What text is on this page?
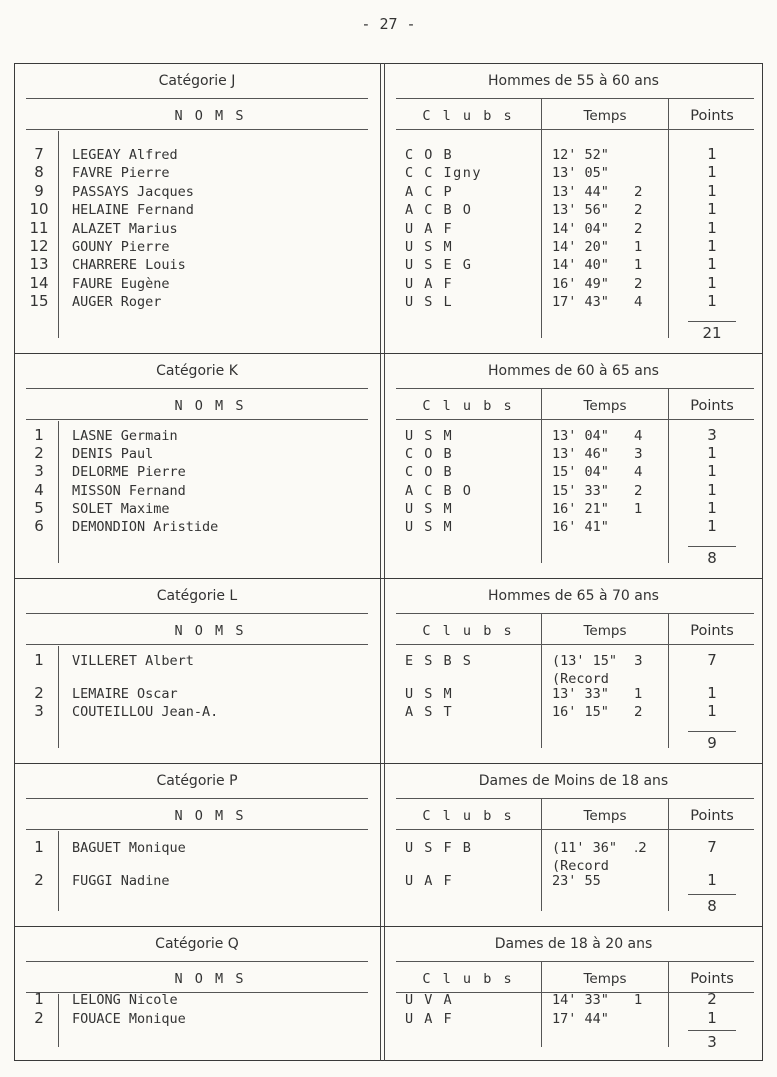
- 27 -
Catégorie J	Hommes de 55 à 60 ans
N O M S	C l u b s	Temps	Points
7	LEGEAY Alfred	C O B	12' 52"	1
8	FAVRE Pierre	C C Igny	13' 05"	1
9	PASSAYS Jacques	A C P	13' 44" 2	1
10	HELAINE Fernand	A C B O	13' 56" 2	1
11	ALAZET Marius	U A F	14' 04" 2	1
12	GOUNY Pierre	U S M	14' 20" 1	1
13	CHARRERE Louis	U S E G	14' 40" 1	1
14	FAURE Eugène	U A F	16' 49" 2	1
15	AUGER Roger	U S L	17' 43" 4	1
21
Catégorie K	Hommes de 60 à 65 ans
N O M S	C l u b s	Temps	Points
1	LASNE Germain	U S M	13' 04" 4	3
2	DENIS Paul	C O B	13' 46" 3	1
3	DELORME Pierre	C O B	15' 04" 4	1
4	MISSON Fernand	A C B O	15' 33" 2	1
5	SOLET Maxime	U S M	16' 21" 1	1
6	DEMONDION Aristide	U S M	16' 41"	1
8
Catégorie L	Hommes de 65 à 70 ans
N O M S	C l u b s	Temps	Points
1	VILLERET Albert	E S B S	(13' 15" 3	7
(Record
2	LEMAIRE Oscar	U S M	13' 33" 1	1
3	COUTEILLOU Jean-A.	A S T	16' 15" 2	1
9
Catégorie P	Dames de Moins de 18 ans
N O M S	C l u b s	Temps	Points
1	BAGUET Monique	U S F B	(11' 36" .2	7
(Record
2	FUGGI Nadine	U A F	23' 55	1
8
Catégorie Q	Dames de 18 à 20 ans
N O M S	C l u b s	Temps	Points
1	LELONG Nicole	U V A	14' 33" 1	2
2	FOUACE Monique	U A F	17' 44"	1
3
